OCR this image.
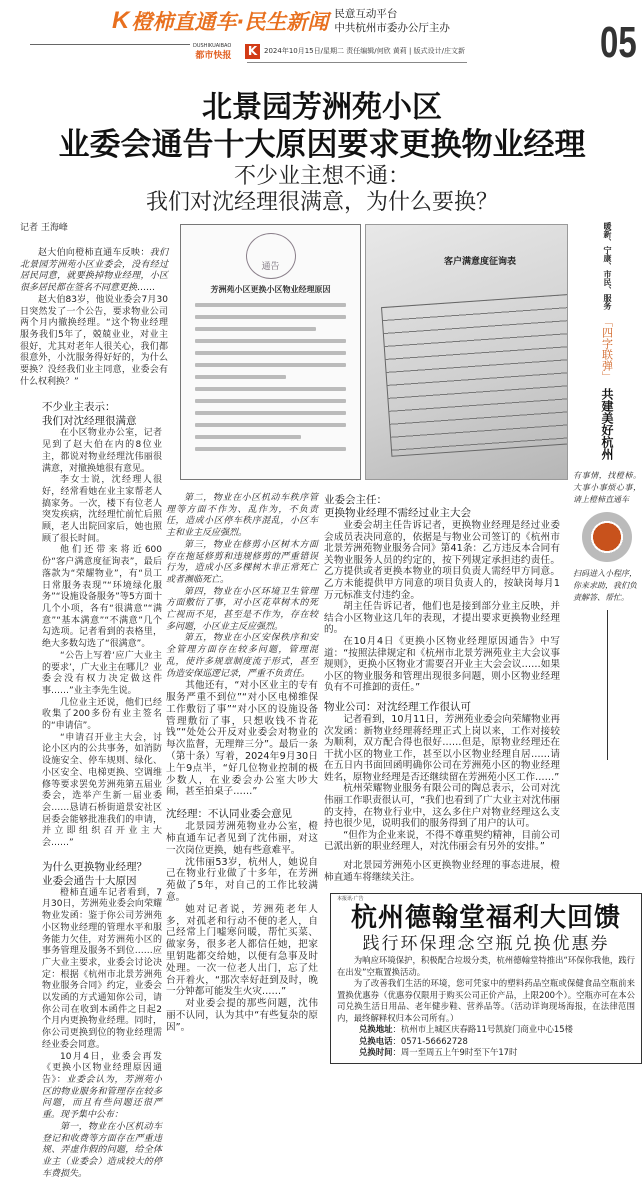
K 橙柿直通车·民生新闻 民意互动平台
中共杭州市委办公厅主办	05
DUSHIKUAIBAO
都市快报 K 2024年10月15日/星期二 责任编辑/何欣 黄莉 | 版式设计/庄文新
北景园芳洲苑小区
业委会通告十大原因要求更换物业经理
不少业主想不通：
我们对沈经理很满意，为什么要换？
记者 王海峰

赵大伯向橙柿直通车反映：我们北景园芳洲苑小区业委会，没有经过居民同意，就要换掉物业经理，小区很多居民都在签名不同意更换……

赵大伯83岁，他说业委会7月30日突然发了一个公告，要求物业公司两个月内撤换经理。“这个物业经理服务我们5年了，兢兢业业，对业主很好，尤其对老年人很关心，我们都很意外，小沈服务得好好的，为什么要换？没经我们业主同意，业委会有什么权利换？”

不少业主表示：
我们对沈经理很满意

在小区物业办公室，记者见到了赵大伯在内的8位业主，都说对物业经理沈伟丽很满意，对撤换她很有意见。

李女士说，沈经理人很好，经常看她在业主家帮老人搞家务。一次，楼下有位老人突发疾病，沈经理忙前忙后照顾，老人出院回家后，她也照顾了很长时间。

他们还带来将近600份“客户满意度征询表”，最后落款为“荣耀物业”，有“员工日常服务表现”“环境绿化服务”“设施设备服务”等5方面十几个小项，各有“很满意”“满意”“基本满意”“不满意”几个勾选项。记者看到的表格里，绝大多数勾选了“很满意”。

“公告上写着‘应广大业主的要求’，广大业主在哪儿？业委会没有权力决定做这件事……”业主李先生说。

几位业主还说，他们已经收集了200多份有业主签名的“申请信”。

“申请召开业主大会，讨论小区内的公共事务，如消防设施安全、停车规则、绿化、小区安全、电梯更换、空调维修等要求罢免芳洲苑第五届业委会，选举产生新一届业委会……恳请石桥街道景安社区居委会能够批准我们的申请，并立即组织召开业主大会……”

为什么更换物业经理？
业委会通告十大原因

橙柿直通车记者看到，7月30日，芳洲苑业委会向荣耀物业发函：鉴于你公司芳洲苑小区物业经理的管理水平和服务能力欠佳，对芳洲苑小区的事务管理及服务不到位……应广大业主要求，业委会讨论决定：根据《杭州市北景芳洲苑物业服务合同》约定，业委会以发函的方式通知你公司，请你公司在收到本函件之日起2个月内更换物业经理。同时，你公司更换到位的物业经理需经业委会同意。

10月4日，业委会再发《更换小区物业经理原因通告》：业委会认为，芳洲苑小区的物业服务和管理存在较多问题，而且有些问题还很严重。现予集中公布：

第一，物业在小区机动车登记和收费等方面存在严重违规、弄虚作假的问题，给全体业主（业委会）造成较大的停车费损失。

通告
芳洲苑小区更换小区物业经理原因
客户满意度征询表

第二，物业在小区机动车秩序管理等方面不作为、乱作为，不负责任，造成小区停车秩序混乱，小区车主和业主反应强烈。

第三，物业在修剪小区树木方面存在拖延修剪和违规修剪的严重错误行为，造成小区多棵树木非正常死亡或者濒临死亡。

第四，物业在小区环境卫生管理方面敷衍了事，对小区花草树木的死亡视而不见，甚至是不作为，存在较多问题，小区业主反应强烈。

第五，物业在小区安保秩序和安全管理方面存在较多问题，管理混乱，使许多规章制度流于形式，甚至伪造安保巡逻记录，严重不负责任。

其他还有，“对小区业主的专有服务严重不到位”“对小区电梯维保工作敷衍了事”“对小区的设施设备管理敷衍了事，只想收钱不肯花钱”“处处公开反对业委会对物业的每次监督，无理辩三分”。最后一条（第十条）写着，2024年9月30日上午9点半，“好几位物业控制的极少数人，在业委会办公室大吵大闹，甚至拍桌子……”

沈经理：不认同业委会意见

北景园芳洲苑物业办公室，橙柿直通车记者见到了沈伟丽，对这一次岗位更换，她有些意难平。

沈伟丽53岁，杭州人，她说自己在物业行业做了十多年，在芳洲苑做了5年，对自己的工作比较满意。

她对记者说，芳洲苑老年人多，对孤老和行动不便的老人，自己经常上门嘘寒问暖，帮忙买菜、做家务，很多老人都信任她，把家里钥匙都交给她，以便有急事及时处理。一次一位老人出门，忘了灶台开着火，“那次幸好赶到及时，晚一分钟都可能发生火灾……”

对业委会提的那些问题，沈伟丽不认同，认为其中“有些复杂的原因”。

业委会主任：
更换物业经理不需经过业主大会

业委会胡主任告诉记者，更换物业经理是经过业委会成员表决同意的，依据是与物业公司签订的《杭州市北景芳洲苑物业服务合同》第41条：乙方违反本合同有关物业服务人员的约定的，按下列规定承担违约责任。乙方提供或者更换本物业的项目负责人需经甲方同意。乙方未能提供甲方同意的项目负责人的，按缺岗每月1万元标准支付违约金。

胡主任告诉记者，他们也是接到部分业主反映，并结合小区物业这几年的表现，才提出要求更换物业经理的。

在10月4日《更换小区物业经理原因通告》中写道：“按照法律规定和《杭州市北景芳洲苑业主大会议事规则》，更换小区物业才需要召开业主大会会议……如果小区的物业服务和管理出现很多问题，则小区物业经理负有不可推卸的责任。”

物业公司：对沈经理工作很认可

记者看到，10月11日，芳洲苑业委会向荣耀物业再次发函：新物业经理蒋经理正式上岗以来，工作对接较为顺利，双方配合得也很好……但是，原物业经理还在干扰小区的物业工作，甚至以小区物业经理自居……请在五日内书面回函明确你公司在芳洲苑小区的物业经理姓名，原物业经理是否还继续留在芳洲苑小区工作……”

杭州荣耀物业服务有限公司的陶总表示，公司对沈伟丽工作职责很认可，“我们也看到了广大业主对沈伟丽的支持，在物业行业中，这么多住户对物业经理这么支持也很少见，说明我们的服务得到了用户的认可。

“但作为企业来说，不得不尊重契约精神，目前公司已派出新的职业经理人，对沈伟丽会有另外的安排。”

对北景园芳洲苑小区更换物业经理的事态进展，橙柿直通车将继续关注。

本报讯·广告
杭州德翰堂福利大回馈
践行环保理念空瓶兑换优惠券

为响应环境保护，积极配合垃圾分类，杭州德翰堂特推出“环保你我他，践行在出发”空瓶置换活动。

为了改善我们生活的环境，您可凭家中的塑料药品空瓶或保健食品空瓶前来置换优惠券（优惠券仅限用于购买公司正价产品，上限200个）。空瓶亦可在本公司兑换生活日用品、老年健步鞋、营养品等。（活动详询现场海报，在法律范围内，最终解释权归本公司所有。）

兑换地址：杭州市上城区庆春路11号凯旋门商业中心15楼
兑换电话：0571-56662728
兑换时间：周一至周五上午9时至下午17时
暖新、宁康、市民、服务
「四字联弹」
共建美好杭州
有事情，找橙柿。大事小事烦心事，请上橙柿直通车
扫码进入小程序，你来求助，我们负责解答、帮忙。
